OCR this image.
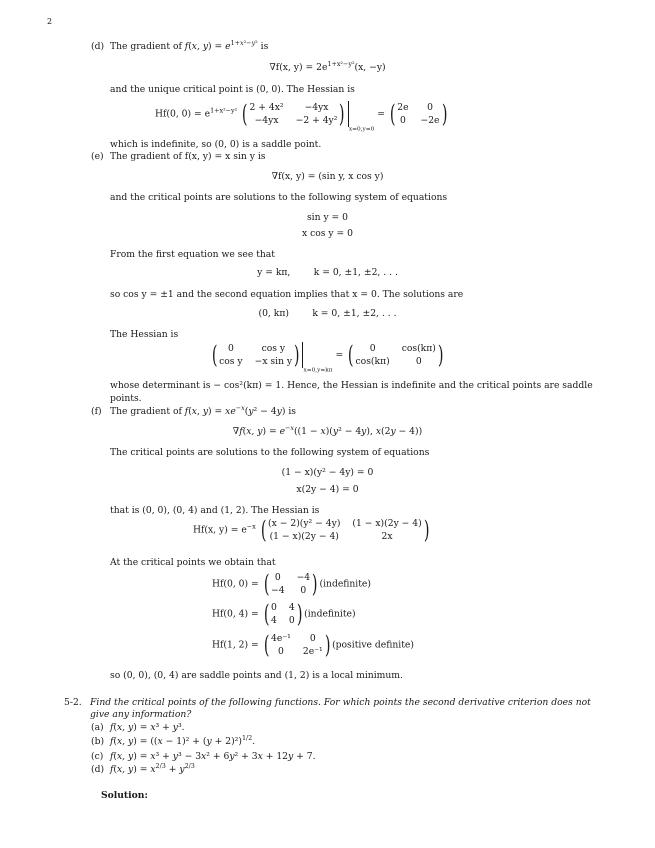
2
(d) The gradient of f(x, $y) = e^{1+x^2-y^2}$ is
∇f(x, $y) = 2e^{1+x^2-y^2}(x$, −y)
and the unique critical point is (0, 0). The Hessian is
Hf(0, $0) = e^{1+x^2-y^2}$ ( 2 + 4x²	−4yx
−4yx	−2 + 4y² )
$_{x=0,y=0}$ = ( 2e	0
0 −2e )
which is indefinite, so (0, 0) is a saddle point.
(e) The gradient of f(x, y) = x sin y is
∇f(x, y) = (sin y, x cos y)
and the critical points are solutions to the following system of equations
sin y = 0
x cos y = 0
From the first equation we see that
y = kπ,        k = 0, ±1, ±2, . . .
so cos y = ±1 and the second equation implies that x = 0. The solutions are
(0, kπ)        k = 0, ±1, ±2, . . .
The Hessian is
(	0	cos y
cos y −x sin y )
$_{x=0,y=k\pi}$ = (	0	cos(kπ)
cos(kπ)	0 )
whose determinant is − cos²(kπ) = 1. Hence, the Hessian is indefinite and the critical points are saddle
points.
(f) The gradient of f(x, $y) = xe^{-x}(y^2 - 4y)$ is
∇f(x, $y) = e^{-x}((1 - x)(y^2 - 4y)$, x(2y − 4))
The critical points are solutions to the following system of equations
(1 − x)(y² − 4y) = 0
x(2y − 4) = 0
that is (0, 0), (0, 4) and (1, 2). The Hessian is
Hf(x, $y) = e^{-x}$ ( (x − 2)(y² − 4y) (1 − x)(2y − 4)
(1 − x)(2y − 4)	2x	)
At the critical points we obtain that
Hf(0, 0) = ( 0	−4
−4	0 ) (indefinite)
Hf(0, 4) = ( 0 4
4 0 ) (indefinite)
Hf(1, 2) = ( 4e⁻¹	0
0	2e⁻¹ ) (positive definite)
so (0, 0), (0, 4) are saddle points and (1, 2) is a local minimum.
5-2. Find the critical points of the following functions. For which points the second derivative criterion does not
give any information?
(a) f(x, y) = x³ + y³.
(b) f(x, $y) = ((x - 1)^2 + (y + 2)^2)^{1/2}$.
(c) f(x, y) = x³ + y³ − 3x² + 6y² + 3x + 12y + 7.
(d) f(x, $y) = x^{2/3} + y^{2/3}$
Solution:
